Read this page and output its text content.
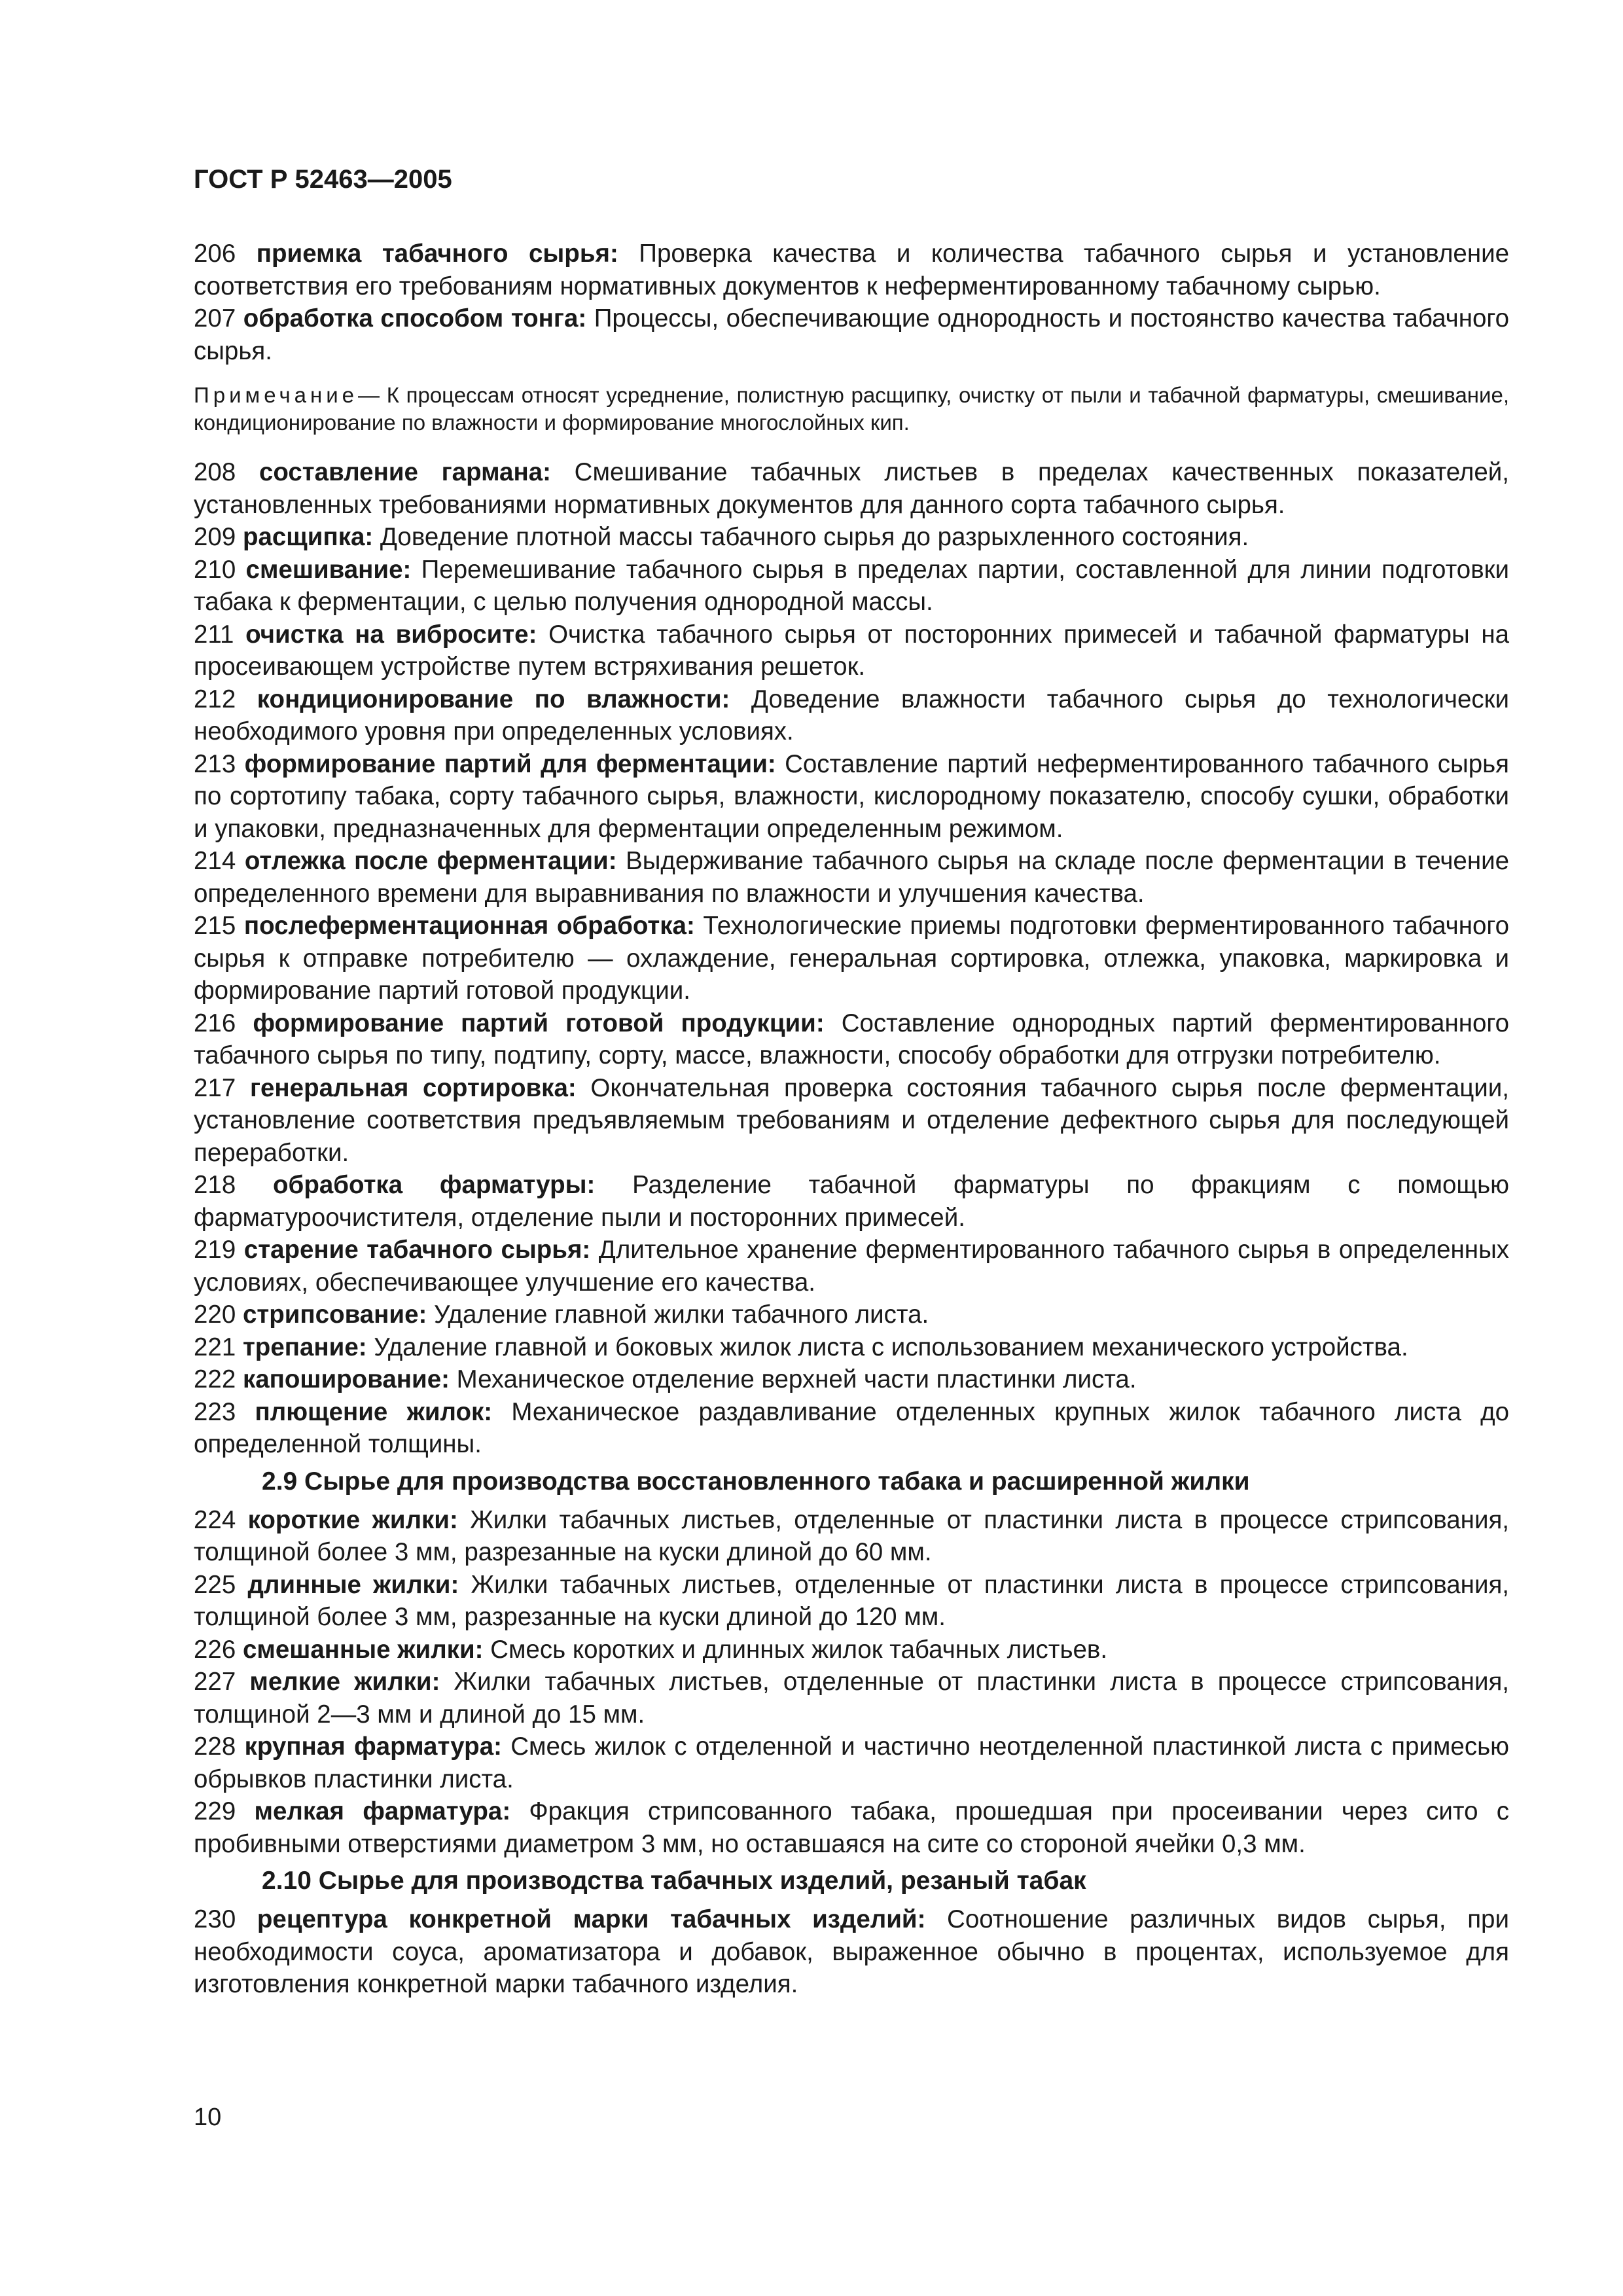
ГОСТ Р 52463—2005

206 приемка табачного сырья: Проверка качества и количества табачного сырья и установление соответствия его требованиям нормативных документов к неферментированному табачному сырью.

207 обработка способом тонга: Процессы, обеспечивающие однородность и постоянство качества табачного сырья.

Примечание— К процессам относят усреднение, полистную расщипку, очистку от пыли и табачной фарматуры, смешивание, кондиционирование по влажности и формирование многослойных кип.

208 составление гармана: Смешивание табачных листьев в пределах качественных показателей, установленных требованиями нормативных документов для данного сорта табачного сырья.

209 расщипка: Доведение плотной массы табачного сырья до разрыхленного состояния.

210 смешивание: Перемешивание табачного сырья в пределах партии, составленной для линии подготовки табака к ферментации, с целью получения однородной массы.

211 очистка на вибросите: Очистка табачного сырья от посторонних примесей и табачной фарматуры на просеивающем устройстве путем встряхивания решеток.

212 кондиционирование по влажности: Доведение влажности табачного сырья до технологически необходимого уровня при определенных условиях.

213 формирование партий для ферментации: Составление партий неферментированного табачного сырья по сортотипу табака, сорту табачного сырья, влажности, кислородному показателю, способу сушки, обработки и упаковки, предназначенных для ферментации определенным режимом.

214 отлежка после ферментации: Выдерживание табачного сырья на складе после ферментации в течение определенного времени для выравнивания по влажности и улучшения качества.

215 послеферментационная обработка: Технологические приемы подготовки ферментированного табачного сырья к отправке потребителю — охлаждение, генеральная сортировка, отлежка, упаковка, маркировка и формирование партий готовой продукции.

216 формирование партий готовой продукции: Составление однородных партий ферментированного табачного сырья по типу, подтипу, сорту, массе, влажности, способу обработки для отгрузки потребителю.

217 генеральная сортировка: Окончательная проверка состояния табачного сырья после ферментации, установление соответствия предъявляемым требованиям и отделение дефектного сырья для последующей переработки.

218 обработка фарматуры: Разделение табачной фарматуры по фракциям с помощью фарматуроочистителя, отделение пыли и посторонних примесей.

219 старение табачного сырья: Длительное хранение ферментированного табачного сырья в определенных условиях, обеспечивающее улучшение его качества.

220 стрипсование: Удаление главной жилки табачного листа.

221 трепание: Удаление главной и боковых жилок листа с использованием механического устройства.

222 капоширование: Механическое отделение верхней части пластинки листа.

223 плющение жилок: Механическое раздавливание отделенных крупных жилок табачного листа до определенной толщины.

2.9 Сырье для производства восстановленного табака и расширенной жилки

224 короткие жилки: Жилки табачных листьев, отделенные от пластинки листа в процессе стрипсования, толщиной более 3 мм, разрезанные на куски длиной до 60 мм.

225 длинные жилки: Жилки табачных листьев, отделенные от пластинки листа в процессе стрипсования, толщиной более 3 мм, разрезанные на куски длиной до 120 мм.

226 смешанные жилки: Смесь коротких и длинных жилок табачных листьев.

227 мелкие жилки: Жилки табачных листьев, отделенные от пластинки листа в процессе стрипсования, толщиной 2—3 мм и длиной до 15 мм.

228 крупная фарматура: Смесь жилок с отделенной и частично неотделенной пластинкой листа с примесью обрывков пластинки листа.

229 мелкая фарматура: Фракция стрипсованного табака, прошедшая при просеивании через сито с пробивными отверстиями диаметром 3 мм, но оставшаяся на сите со стороной ячейки 0,3 мм.

2.10 Сырье для производства табачных изделий, резаный табак

230 рецептура конкретной марки табачных изделий: Соотношение различных видов сырья, при необходимости соуса, ароматизатора и добавок, выраженное обычно в процентах, используемое для изготовления конкретной марки табачного изделия.

10
